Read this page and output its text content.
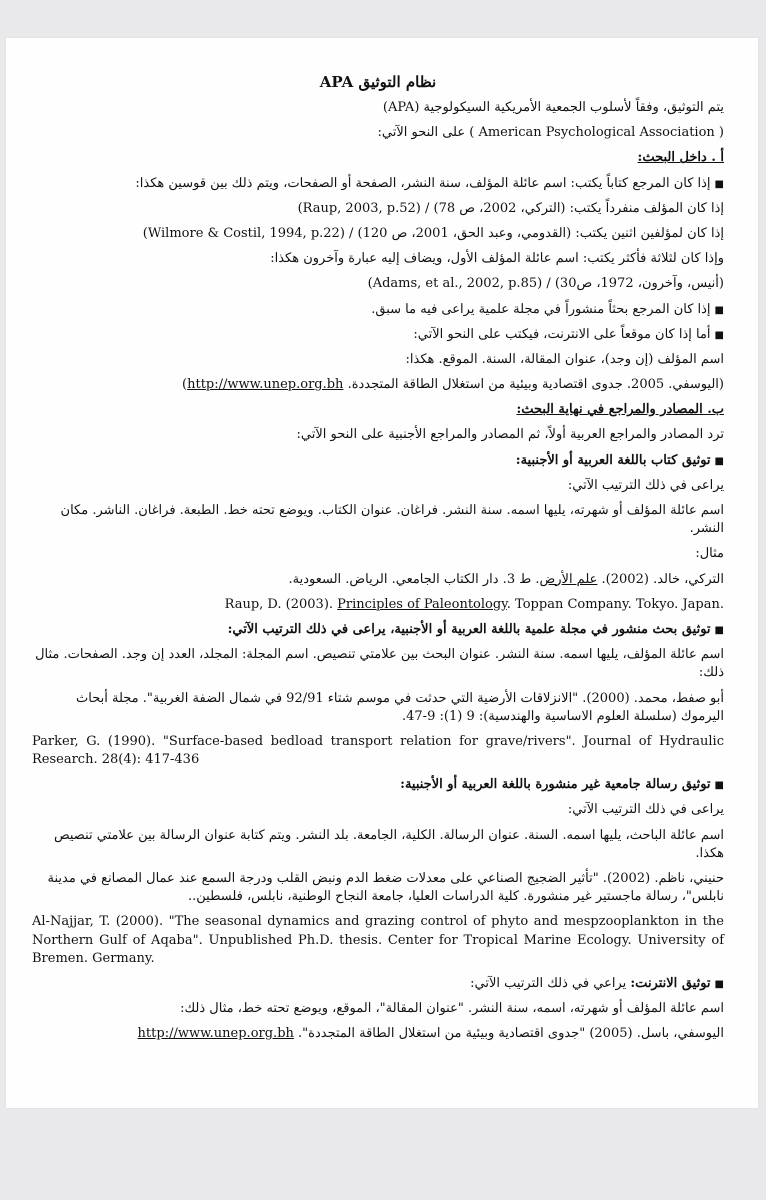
نظام التوثيق APA
يتم التوثيق، وفقاً لأسلوب الجمعية الأمريكية السيكولوجية (APA)
( American Psychological Association ) على النحو الآتي:
أ . داخل البحث:
■إذا كان المرجع كتاباً يكتب: اسم عائلة المؤلف، سنة النشر، الصفحة أو الصفحات، ويتم ذلك بين قوسين هكذا:
إذا كان المؤلف منفرداً يكتب: (التركي، 2002، ص 78) / (Raup, 2003, p.52)
إذا كان لمؤلفين اثنين يكتب: (القدومي، وعبد الحق، 2001، ص 120) / (Wilmore & Costil, 1994, p.22)
وإذا كان لثلاثة فأكثر يكتب: اسم عائلة المؤلف الأول، ويضاف إليه عبارة وآخرون هكذا:
(أنيس، وآخرون، 1972، ص30) / (Adams, et al., 2002, p.85)
■إذا كان المرجع بحثاً منشوراً في مجلة علمية يراعى فيه ما سبق.
■أما إذا كان موقعاً على الانترنت، فيكتب على النحو الآتي:
اسم المؤلف (إن وجد)، عنوان المقالة، السنة. الموقع. هكذا:
(اليوسفي. 2005. جدوى اقتصادية وبيئية من استغلال الطاقة المتجددة. http://www.unep.org.bh)
ب. المصادر والمراجع في نهاية البحث:
ترد المصادر والمراجع العربية أولاً، ثم المصادر والمراجع الأجنبية على النحو الآتي:
■توثيق كتاب باللغة العربية أو الأجنبية:
يراعى في ذلك الترتيب الآتي:
اسم عائلة المؤلف أو شهرته، يليها اسمه. سنة النشر. فراغان. عنوان الكتاب. ويوضع تحته خط. الطبعة. فراغان. الناشر. مكان النشر.
مثال:
التركي، خالد. (2002). علم الأرض. ط 3. دار الكتاب الجامعي. الرياض. السعودية.
Raup, D. (2003). Principles of Paleontology. Toppan Company. Tokyo. Japan.
■توثيق بحث منشور في مجلة علمية باللغة العربية أو الأجنبية، يراعى في ذلك الترتيب الآتي:
اسم عائلة المؤلف، يليها اسمه. سنة النشر. عنوان البحث بين علامتي تنصيص. اسم المجلة: المجلد، العدد إن وجد. الصفحات. مثال ذلك:
أبو صفط، محمد. (2000). "الانزلاقات الأرضية التي حدثت في موسم شتاء 92/91 في شمال الضفة الغربية". مجلة أبحاث اليرموك (سلسلة العلوم الاساسية والهندسية): 9 (1): 9-47.
Parker, G. (1990). "Surface-based bedload transport relation for grave/rivers". Journal of Hydraulic Research. 28(4): 417-436
■توثيق رسالة جامعية غير منشورة باللغة العربية أو الأجنبية:
يراعى في ذلك الترتيب الآتي:
اسم عائلة الباحث، يليها اسمه. السنة. عنوان الرسالة. الكلية، الجامعة. بلد النشر. ويتم كتابة عنوان الرسالة بين علامتي تنصيص هكذا.
حنيني، ناظم. (2002). "تأثير الضجيج الصناعي على معدلات ضغط الدم ونبض القلب ودرجة السمع عند عمال المصانع في مدينة نابلس"، رسالة ماجستير غير منشورة. كلية الدراسات العليا، جامعة النجاح الوطنية، نابلس، فلسطين..
Al-Najjar, T. (2000). "The seasonal dynamics and grazing control of phyto and mespzooplankton in the Northern Gulf of Aqaba". Unpublished Ph.D. thesis. Center for Tropical Marine Ecology. University of Bremen. Germany.
■توثيق الانترنت: يراعي في ذلك الترتيب الآتي:
اسم عائلة المؤلف أو شهرته، اسمه، سنة النشر. "عنوان المقالة"، الموقع، ويوضع تحته خط، مثال ذلك:
اليوسفي، باسل. (2005) "جدوى اقتصادية وبيئية من استغلال الطاقة المتجددة". http://www.unep.org.bh
